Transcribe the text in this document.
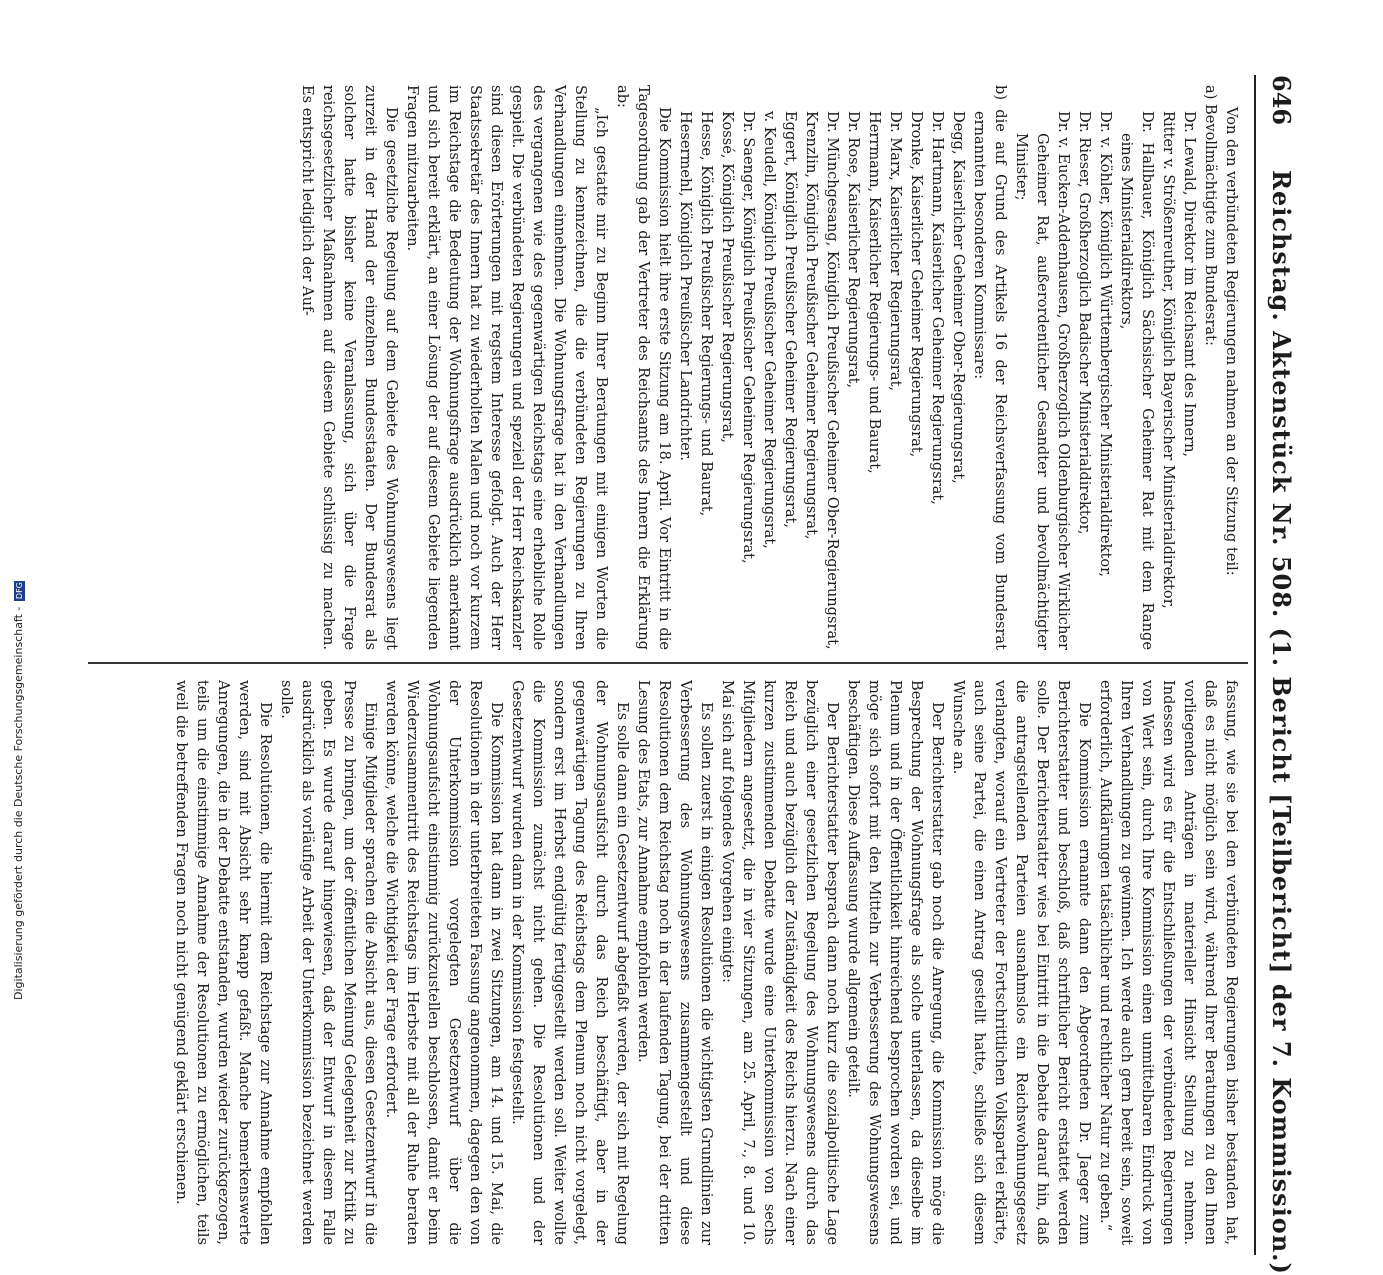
646
Reichstag. Aktenstück Nr. 508. (1. Bericht [Teilbericht] der 7. Kommission.)

Von den verbündeten Regierungen nahmen an der Sitzung teil:

a) Bevollmächtigte zum Bundesrat:

Dr. Lewald, Direktor im Reichsamt des Innern,

Ritter v. Strößenreuther, Königlich Bayerischer Ministerialdirektor,

Dr. Hallbauer, Königlich Sächsischer Geheimer Rat mit dem Range eines Ministerialdirektors,

Dr. v. Köhler, Königlich Württembergischer Ministerialdirektor,

Dr. Rieser, Großherzoglich Badischer Ministerialdirektor,

Dr. v. Eucken-Addenhausen, Großherzoglich Oldenburgischer Wirklicher Geheimer Rat, außerordentlicher Gesandter und bevollmächtigter Minister;

b) die auf Grund des Artikels 16 der Reichsverfassung vom Bundesrat ernannten besonderen Kommissare:

Degg, Kaiserlicher Geheimer Ober-Regierungsrat,

Dr. Hartmann, Kaiserlicher Geheimer Regierungsrat,

Dronke, Kaiserlicher Geheimer Regierungsrat,

Dr. Marx, Kaiserlicher Regierungsrat,

Herrmann, Kaiserlicher Regierungs- und Baurat,

Dr. Rose, Kaiserlicher Regierungsrat,

Dr. Münchgesang, Königlich Preußischer Geheimer Ober-Regierungsrat,

Krenzlin, Königlich Preußischer Geheimer Regierungsrat,

Eggert, Königlich Preußischer Geheimer Regierungsrat,

v. Keudell, Königlich Preußischer Geheimer Regierungsrat,

Dr. Saenger, Königlich Preußischer Geheimer Regierungsrat,

Kossé, Königlich Preußischer Regierungsrat,

Hesse, Königlich Preußischer Regierungs- und Baurat,

Hesermehl, Königlich Preußischer Landrichter.

Die Kommission hielt ihre erste Sitzung am 18. April. Vor Eintritt in die Tagesordnung gab der Vertreter des Reichsamts des Innern die Erklärung ab:

„Ich gestatte mir zu Beginn Ihrer Beratungen mit einigen Worten die Stellung zu kennzeichnen, die die verbündeten Regierungen zu Ihren Verhandlungen einnehmen. Die Wohnungsfrage hat in den Verhandlungen des vergangenen wie des gegenwärtigen Reichstags eine erhebliche Rolle gespielt. Die verbündeten Regierungen und speziell der Herr Reichskanzler sind diesen Erörterungen mit regstem Interesse gefolgt. Auch der Herr Staatssekretär des Innern hat zu wiederholten Malen und noch vor kurzem im Reichstage die Bedeutung der Wohnungsfrage ausdrücklich anerkannt und sich bereit erklärt, an einer Lösung der auf diesem Gebiete liegenden Fragen mitzuarbeiten.

Die gesetzliche Regelung auf dem Gebiete des Wohnungswesens liegt zurzeit in der Hand der einzelnen Bundesstaaten. Der Bundesrat als solcher hatte bisher keine Veranlassung, sich über die Frage reichsgesetzlicher Maßnahmen auf diesem Gebiete schlüssig zu machen. Es entspricht lediglich der Auf-

fassung, wie sie bei den verbündeten Regierungen bisher bestanden hat, daß es nicht möglich sein wird, während Ihrer Beratungen zu den Ihnen vorliegenden Anträgen in materieller Hinsicht Stellung zu nehmen. Indessen wird es für die Entschließungen der verbündeten Regierungen von Wert sein, durch Ihre Kommission einen unmittelbaren Eindruck von Ihren Verhandlungen zu gewinnen. Ich werde auch gern bereit sein, soweit erforderlich, Aufklärungen tatsächlicher und rechtlicher Natur zu geben.“

Die Kommission ernannte dann den Abgeordneten Dr. Jaeger zum Berichterstatter und beschloß, daß schriftlicher Bericht erstattet werden solle. Der Berichterstatter wies bei Eintritt in die Debatte darauf hin, daß die antragstellenden Parteien ausnahmslos ein Reichswohnungsgesetz verlangten, worauf ein Vertreter der Fortschrittlichen Volkspartei erklärte, auch seine Partei, die einen Antrag gestellt hatte, schließe sich diesem Wunsche an.

Der Berichterstatter gab noch die Anregung, die Kommission möge die Besprechung der Wohnungsfrage als solche unterlassen, da dieselbe im Plenum und in der Öffentlichkeit hinreichend besprochen worden sei, und möge sich sofort mit den Mitteln zur Verbesserung des Wohnungswesens beschäftigen. Diese Auffassung wurde allgemein geteilt.

Der Berichterstatter besprach dann noch kurz die sozialpolitische Lage bezüglich einer gesetzlichen Regelung des Wohnungswesens durch das Reich und auch bezüglich der Zuständigkeit des Reichs hierzu. Nach einer kurzen zustimmenden Debatte wurde eine Unterkommission von sechs Mitgliedern angesetzt, die in vier Sitzungen, am 25. April, 7., 8. und 10. Mai sich auf folgendes Vorgehen einigte:

Es sollen zuerst in einigen Resolutionen die wichtigsten Grundlinien zur Verbesserung des Wohnungswesens zusammengestellt und diese Resolutionen dem Reichstag noch in der laufenden Tagung, bei der dritten Lesung des Etats, zur Annahme empfohlen werden.

Es solle dann ein Gesetzentwurf abgefaßt werden, der sich mit Regelung der Wohnungsaufsicht durch das Reich beschäftigt, aber in der gegenwärtigen Tagung des Reichstags dem Plenum noch nicht vorgelegt, sondern erst im Herbst endgültig fertiggestellt werden soll. Weiter wollte die Kommission zunächst nicht gehen. Die Resolutionen und der Gesetzentwurf wurden dann in der Kommission festgestellt.

Die Kommission hat dann in zwei Sitzungen, am 14. und 15. Mai, die Resolutionen in der unterbreiteten Fassung angenommen, dagegen den von der Unterkommission vorgelegten Gesetzentwurf über die Wohnungsaufsicht einstimmig zurückzustellen beschlossen, damit er beim Wiederzusammentritt des Reichstags im Herbste mit all der Ruhe beraten werden könne, welche die Wichtigkeit der Frage erfordert.

Einige Mitglieder sprachen die Absicht aus, diesen Gesetzentwurf in die Presse zu bringen, um der öffentlichen Meinung Gelegenheit zur Kritik zu geben. Es wurde darauf hingewiesen, daß der Entwurf in diesem Falle ausdrücklich als vorläufige Arbeit der Unterkommission bezeichnet werden solle.

Die Resolutionen, die hiermit dem Reichstage zur Annahme empfohlen werden, sind mit Absicht sehr knapp gefaßt. Manche bemerkenswerte Anregungen, die in der Debatte entstanden, wurden wieder zurückgezogen, teils um die einstimmige Annahme der Resolutionen zu ermöglichen, teils weil die betreffenden Fragen noch nicht genügend geklärt erschienen.

Digitalisierung gefördert durch die Deutsche Forschungsgemeinschaft -DFG
